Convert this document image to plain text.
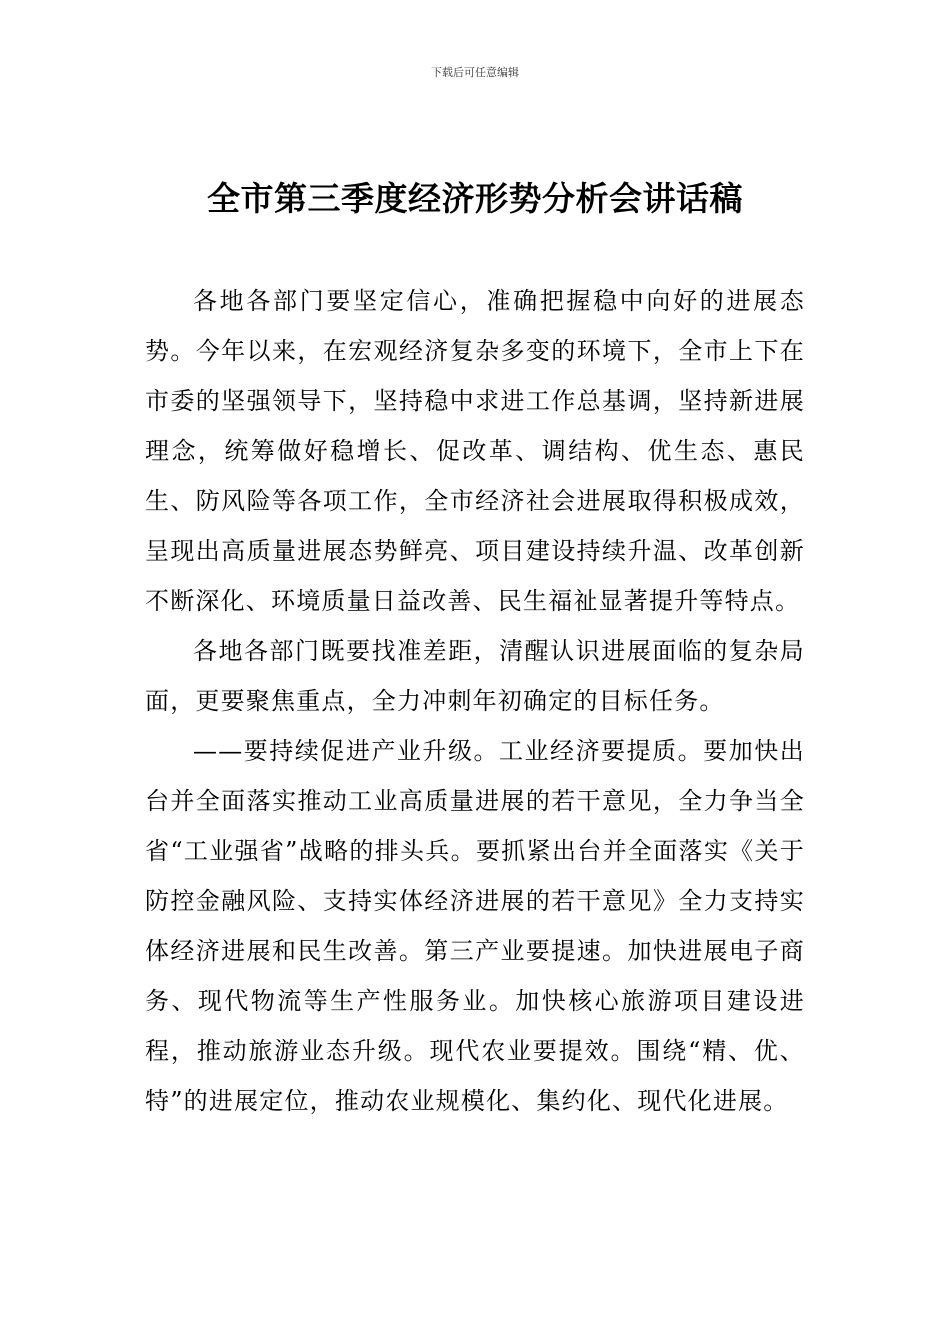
下载后可任意编辑
全市第三季度经济形势分析会讲话稿

各地各部门要坚定信心，准确把握稳中向好的进展态势。今年以来，在宏观经济复杂多变的环境下，全市上下在市委的坚强领导下，坚持稳中求进工作总基调，坚持新进展理念，统筹做好稳增长、促改革、调结构、优生态、惠民生、防风险等各项工作，全市经济社会进展取得积极成效，呈现出高质量进展态势鲜亮、项目建设持续升温、改革创新不断深化、环境质量日益改善、民生福祉显著提升等特点。

各地各部门既要找准差距，清醒认识进展面临的复杂局面，更要聚焦重点，全力冲刺年初确定的目标任务。

——要持续促进产业升级。工业经济要提质。要加快出台并全面落实推动工业高质量进展的若干意见，全力争当全省“工业强省”战略的排头兵。要抓紧出台并全面落实《关于防控金融风险、支持实体经济进展的若干意见》全力支持实体经济进展和民生改善。第三产业要提速。加快进展电子商务、现代物流等生产性服务业。加快核心旅游项目建设进程，推动旅游业态升级。现代农业要提效。围绕“精、优、特”的进展定位，推动农业规模化、集约化、现代化进展。
